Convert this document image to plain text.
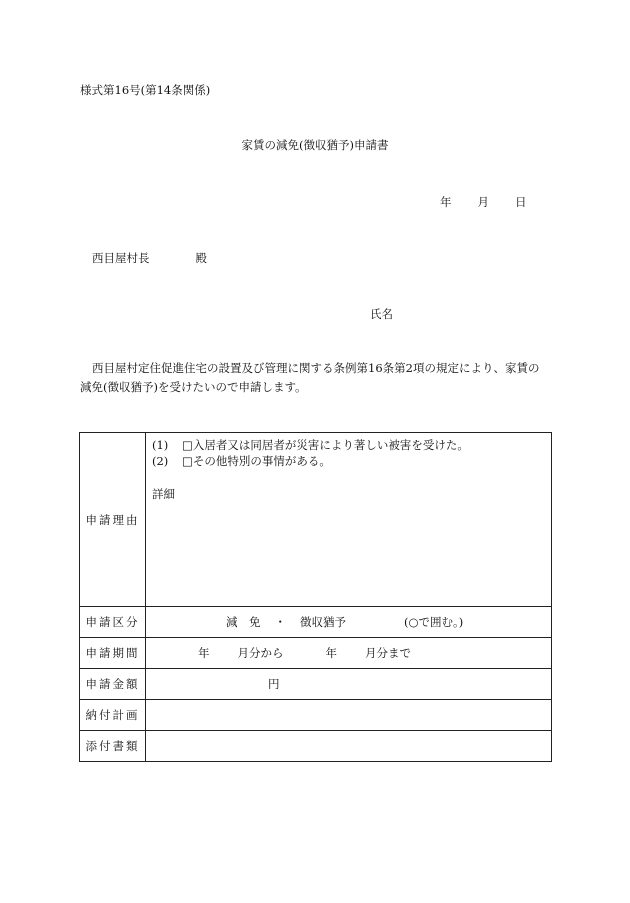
様式第16号(第14条関係)
家賃の減免(徴収猶予)申請書
年 月 日
西目屋村長	殿
氏名
西目屋村定住促進住宅の設置及び管理に関する条例第16条第2項の規定により、家賃の減免(徴収猶予)を受けたいので申請します。
申請理由	(1) □入居者又は同居者が災害により著しい被害を受けた。
(2) □その他特別の事情がある。
詳細

申請区分	減　免 ・ 徴収猶予 (○で囲む。)
申請期間	年 月分から 年 月分まで
申請金額	円
納付計画	
添付書類	
